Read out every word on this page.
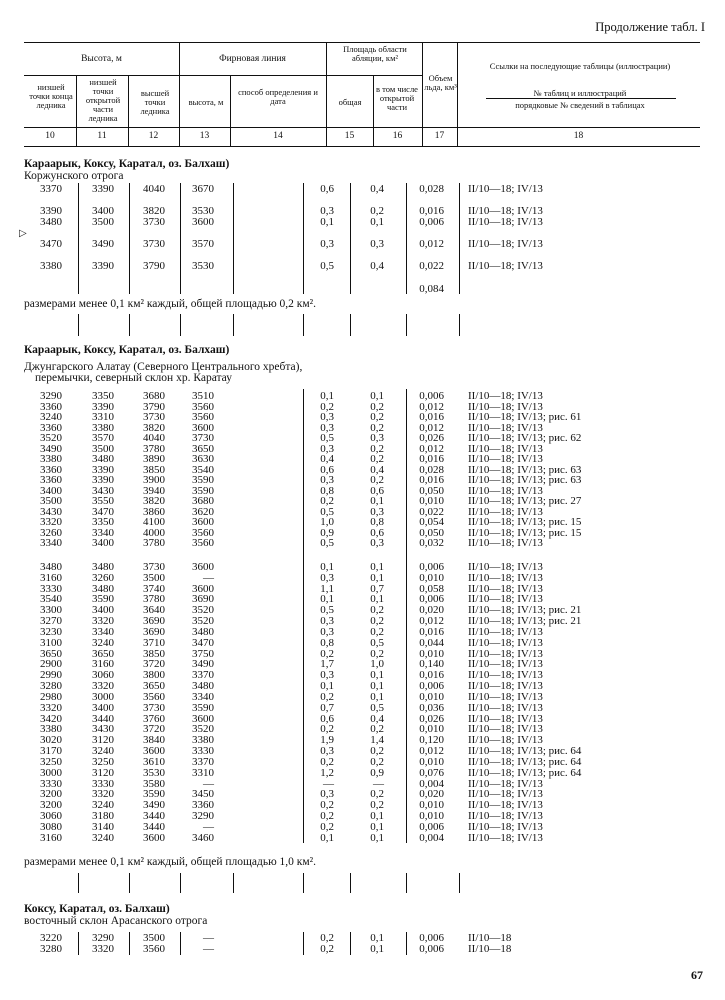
Продолжение табл. I
Высота, м	Фирновая линия
Площадь области абляции, км²
низшей точки конца ледника
низшей точки открытой части ледника
высшей точки ледника
высота, м
способ определения и дата	общая
в том числе открытой части
Объем льда, км³
Ссылки на последующие таблицы (иллюстрации)
№ таблиц и иллюстраций
порядковые № сведений в таблицах
10	11	12	13	14	15	16	17	18
Караарык, Коксу, Каратал, оз. Балхаш)
Коржунского отрога
3370	3390	4040	3670	0,6	0,4	0,028 II/10—18; IV/13
3390	3400	3820	3530	0,3	0,2	0,016 II/10—18; IV/13
3480	3500	3730	3600	0,1	0,1	0,006 II/10—18; IV/13
3470	3490	3730	3570	0,3	0,3	0,012 II/10—18; IV/13
3380	3390	3790	3530	0,5	0,4	0,022 II/10—18; IV/13
0,084
размерами менее 0,1 км² каждый, общей площадью 0,2 км².
Караарык, Коксу, Каратал, оз. Балхаш)
Джунгарского Алатау (Северного Центрального хребта),
перемычки, северный склон хр. Каратау
3290	3350	3680	3510	0,1	0,1	0,006 II/10—18; IV/13
3360	3390	3790	3560	0,2	0,2	0,012 II/10—18; IV/13
3240	3310	3730	3560	0,3	0,2	0,016 II/10—18; IV/13; рис. 61
3360	3380	3820	3600	0,3	0,2	0,012 II/10—18; IV/13
3520	3570	4040	3730	0,5	0,3	0,026 II/10—18; IV/13; рис. 62
3490	3500	3780	3650	0,3	0,2	0,012 II/10—18; IV/13
3380	3480	3890	3630	0,4	0,2	0,016 II/10—18; IV/13
3360	3390	3850	3540	0,6	0,4	0,028 II/10—18; IV/13; рис. 63
3360	3390	3900	3590	0,3	0,2	0,016 II/10—18; IV/13; рис. 63
3400	3430	3940	3590	0,8	0,6	0,050 II/10—18; IV/13
3500	3550	3820	3680	0,2	0,1	0,010 II/10—18; IV/13; рис. 27
3430	3470	3860	3620	0,5	0,3	0,022 II/10—18; IV/13
3320	3350	4100	3600	1,0	0,8	0,054 II/10—18; IV/13; рис. 15
3260	3340	4000	3560	0,9	0,6	0,050 II/10—18; IV/13; рис. 15
3340	3400	3780	3560	0,5	0,3	0,032 II/10—18; IV/13
3480	3480	3730	3600	0,1	0,1	0,006 II/10—18; IV/13
3160	3260	3500	—	0,3	0,1	0,010 II/10—18; IV/13
3330	3480	3740	3600	1,1	0,7	0,058 II/10—18; IV/13
3540	3590	3780	3690	0,1	0,1	0,006 II/10—18; IV/13
3300	3400	3640	3520	0,5	0,2	0,020 II/10—18; IV/13; рис. 21
3270	3320	3690	3520	0,3	0,2	0,012 II/10—18; IV/13; рис. 21
3230	3340	3690	3480	0,3	0,2	0,016 II/10—18; IV/13
3100	3240	3710	3470	0,8	0,5	0,044 II/10—18; IV/13
3650	3650	3850	3750	0,2	0,2	0,010 II/10—18; IV/13
2900	3160	3720	3490	1,7	1,0	0,140 II/10—18; IV/13
2990	3060	3800	3370	0,3	0,1	0,016 II/10—18; IV/13
3280	3320	3650	3480	0,1	0,1	0,006 II/10—18; IV/13
2980	3000	3560	3340	0,2	0,1	0,010 II/10—18; IV/13
3320	3400	3730	3590	0,7	0,5	0,036 II/10—18; IV/13
3420	3440	3760	3600	0,6	0,4	0,026 II/10—18; IV/13
3380	3430	3720	3520	0,2	0,2	0,010 II/10—18; IV/13
3020	3120	3840	3380	1,9	1,4	0,120 II/10—18; IV/13
3170	3240	3600	3330	0,3	0,2	0,012 II/10—18; IV/13; рис. 64
3250	3250	3610	3370	0,2	0,2	0,010 II/10—18; IV/13; рис. 64
3000	3120	3530	3310	1,2	0,9	0,076 II/10—18; IV/13; рис. 64
3330	3330	3580	—	—	—	0,004 II/10—18; IV/13
3200	3320	3590	3450	0,3	0,2	0,020 II/10—18; IV/13
3200	3240	3490	3360	0,2	0,2	0,010 II/10—18; IV/13
3060	3180	3440	3290	0,2	0,1	0,010 II/10—18; IV/13
3080	3140	3440	—	0,2	0,1	0,006 II/10—18; IV/13
3160	3240	3600	3460	0,1	0,1	0,004 II/10—18; IV/13
размерами менее 0,1 км² каждый, общей площадью 1,0 км².
Коксу, Каратал, оз. Балхаш)
восточный склон Арасанского отрога
3220	3290	3500	—	0,2	0,1	0,006 II/10—18
3280	3320	3560	—	0,2	0,1	0,006 II/10—18
▷
67
